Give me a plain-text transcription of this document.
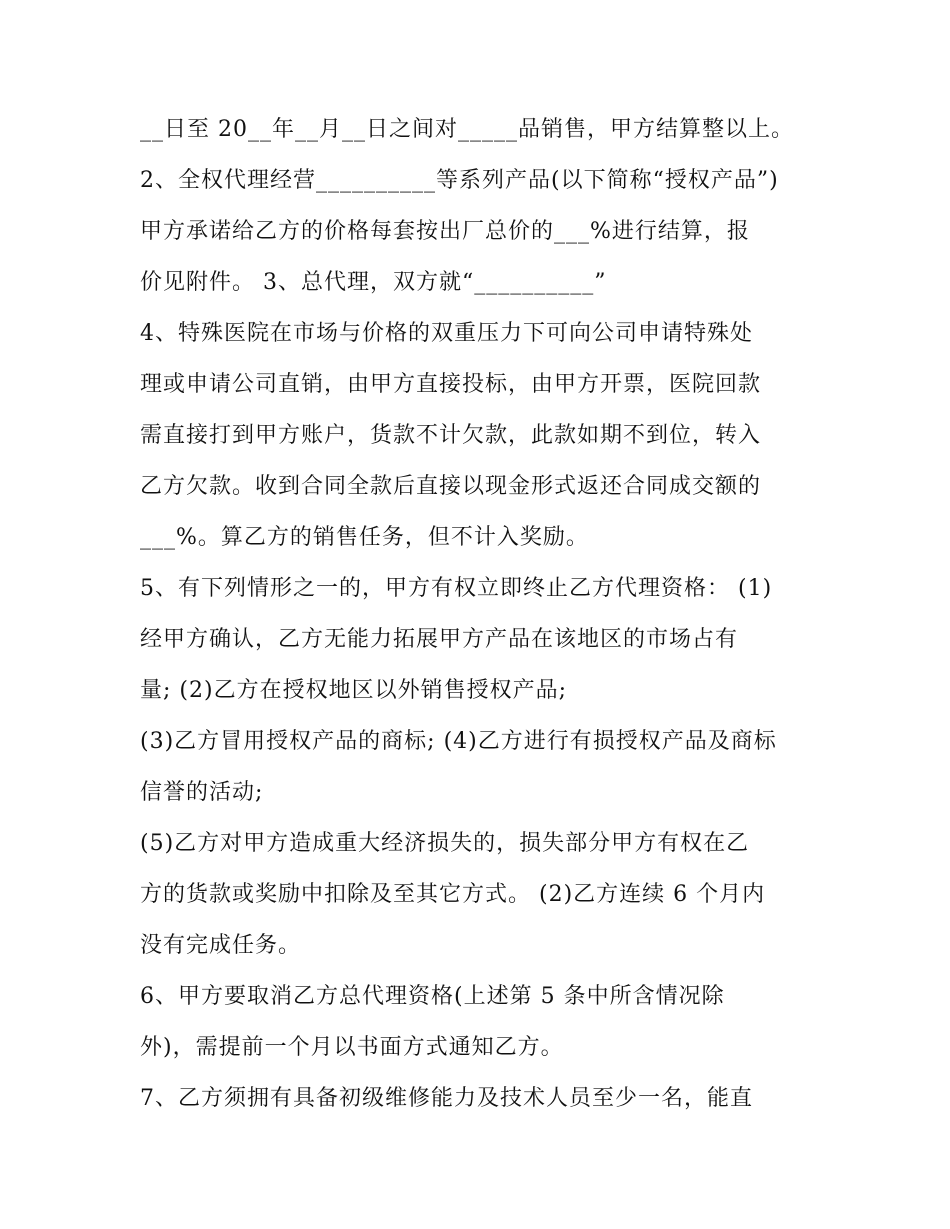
__日至 20__年__月__日之间对_____品销售，甲方结算整以上。
2、全权代理经营__________等系列产品(以下简称“授权产品”)
甲方承诺给乙方的价格每套按出厂总价的___%进行结算，报
价见附件。 3、总代理，双方就“__________”
4、特殊医院在市场与价格的双重压力下可向公司申请特殊处
理或申请公司直销，由甲方直接投标，由甲方开票，医院回款
需直接打到甲方账户，货款不计欠款，此款如期不到位，转入
乙方欠款。收到合同全款后直接以现金形式返还合同成交额的
___%。算乙方的销售任务，但不计入奖励。
5、有下列情形之一的，甲方有权立即终止乙方代理资格： (1)
经甲方确认，乙方无能力拓展甲方产品在该地区的市场占有
量; (2)乙方在授权地区以外销售授权产品;
(3)乙方冒用授权产品的商标; (4)乙方进行有损授权产品及商标
信誉的活动;
(5)乙方对甲方造成重大经济损失的，损失部分甲方有权在乙
方的货款或奖励中扣除及至其它方式。 (2)乙方连续 6 个月内
没有完成任务。
6、甲方要取消乙方总代理资格(上述第 5 条中所含情况除
外)，需提前一个月以书面方式通知乙方。
7、乙方须拥有具备初级维修能力及技术人员至少一名，能直
